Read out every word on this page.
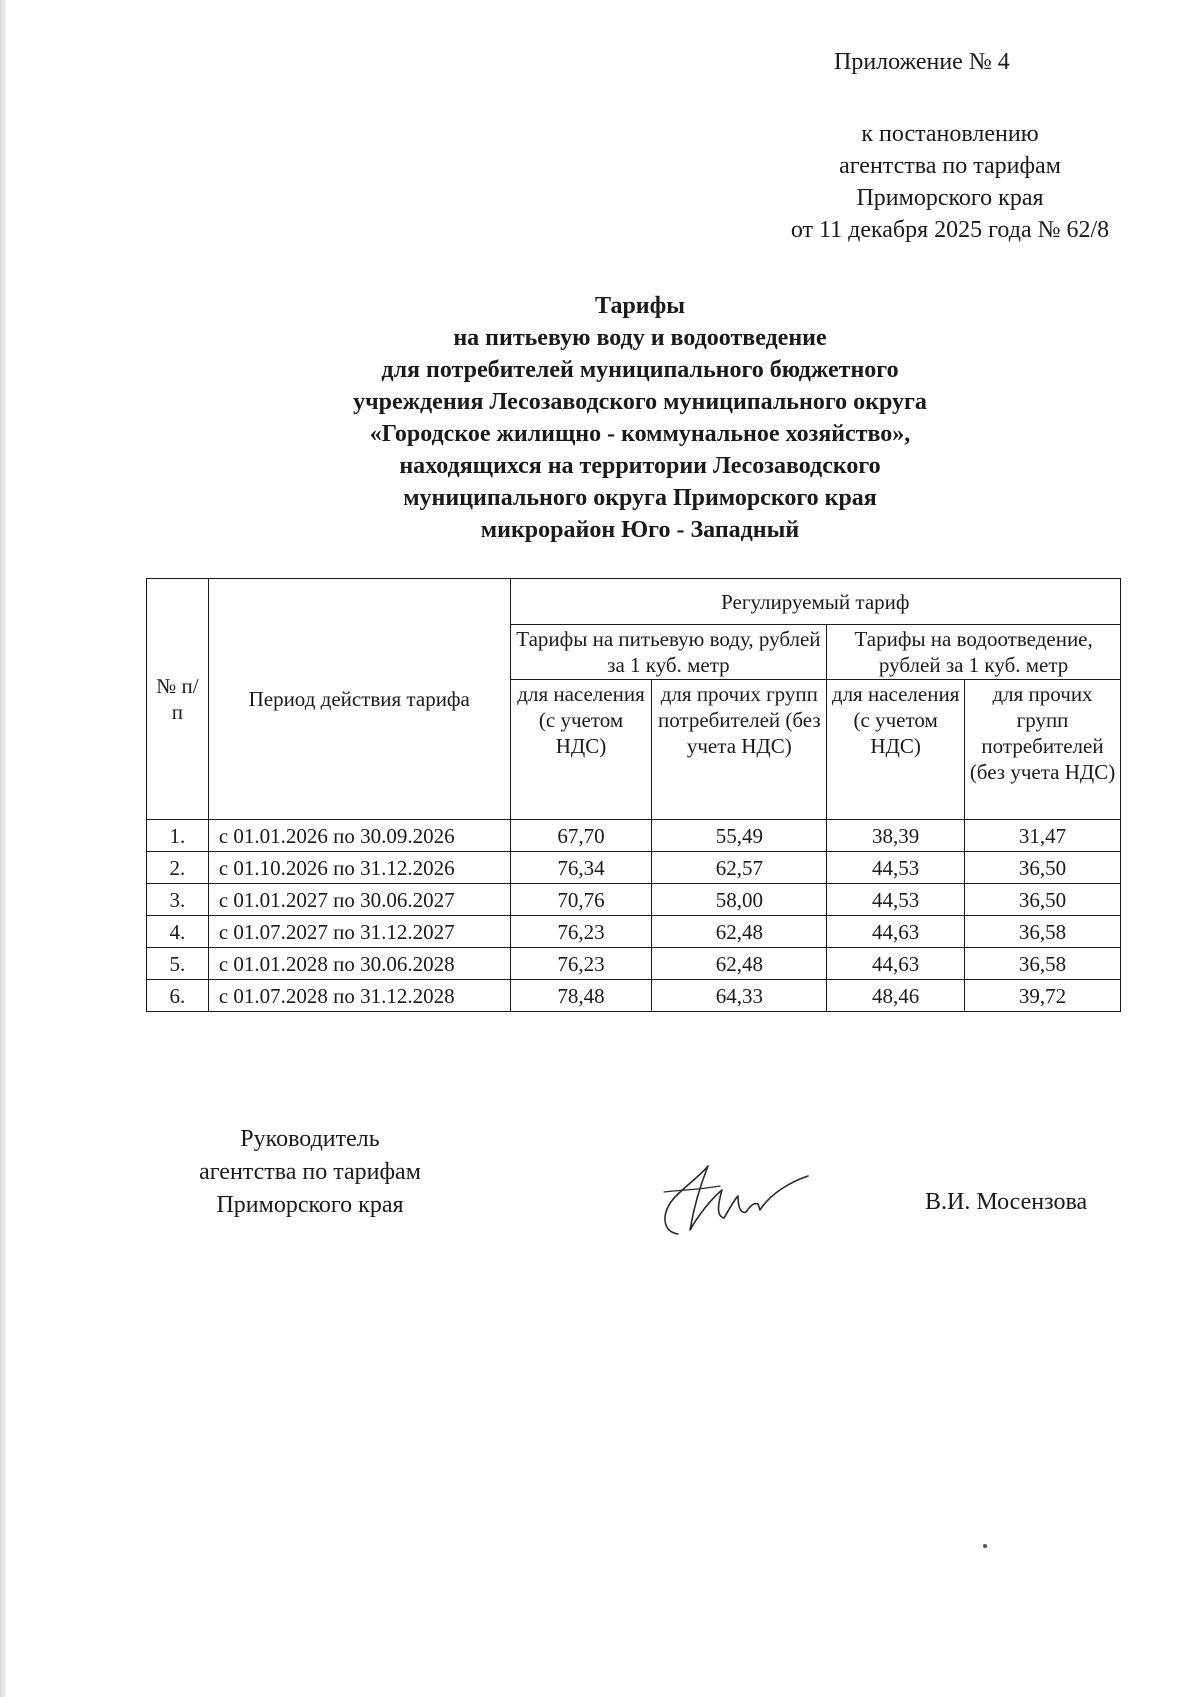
Приложение № 4
к постановлению
агентства по тарифам
Приморского края
от 11 декабря 2025 года № 62/8
Тарифы
на питьевую воду и водоотведение
для потребителей муниципального бюджетного
учреждения Лесозаводского муниципального округа
«Городское жилищно - коммунальное хозяйство»,
находящихся на территории Лесозаводского
муниципального округа Приморского края
микрорайон Юго - Западный
№ п/п	Период действия тарифа	Регулируемый тариф			
		Тарифы на питьевую воду, рублей за 1 куб. метр		Тарифы на водоотведение, рублей за 1 куб. метр	
		для населения (с учетом НДС)	для прочих групп потребителей (без учета НДС)	для населения (с учетом НДС)	для прочих групп потребителей (без учета НДС)
1.	с 01.01.2026 по 30.09.2026	67,70	55,49	38,39	31,47
2.	с 01.10.2026 по 31.12.2026	76,34	62,57	44,53	36,50
3.	с 01.01.2027 по 30.06.2027	70,76	58,00	44,53	36,50
4.	с 01.07.2027 по 31.12.2027	76,23	62,48	44,63	36,58
5.	с 01.01.2028 по 30.06.2028	76,23	62,48	44,63	36,58
6.	с 01.07.2028 по 31.12.2028	78,48	64,33	48,46	39,72
Руководитель
агентства по тарифам
Приморского края	В.И. Мосензова
